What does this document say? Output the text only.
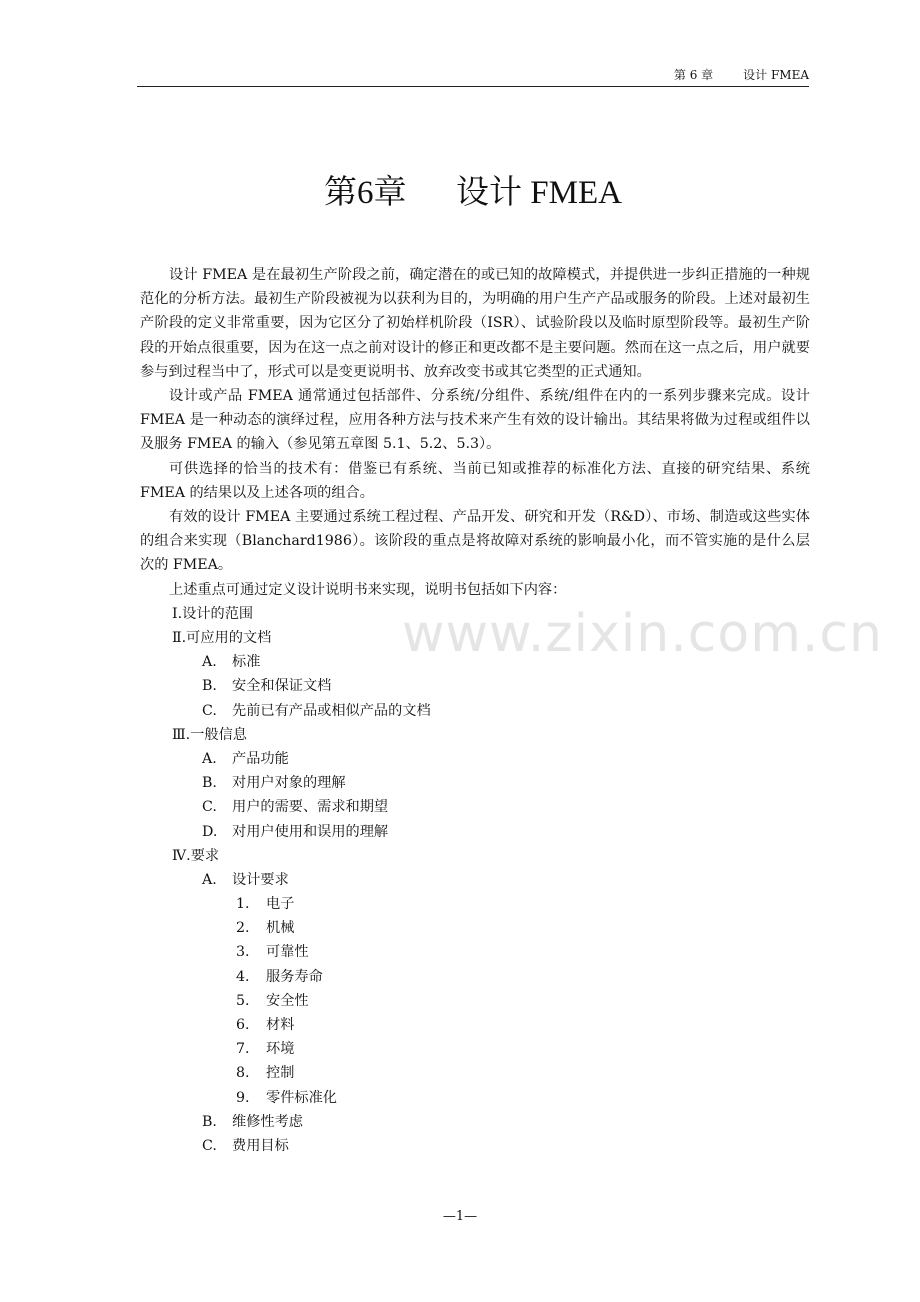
第 6 章	设计 FMEA
第6章      设计 FMEA

设计 FMEA 是在最初生产阶段之前，确定潜在的或已知的故障模式，并提供进一步纠正措施的一种规范化的分析方法。最初生产阶段被视为以获利为目的，为明确的用户生产产品或服务的阶段。上述对最初生产阶段的定义非常重要，因为它区分了初始样机阶段（ISR）、试验阶段以及临时原型阶段等。最初生产阶段的开始点很重要，因为在这一点之前对设计的修正和更改都不是主要问题。然而在这一点之后，用户就要参与到过程当中了，形式可以是变更说明书、放弃改变书或其它类型的正式通知。

设计或产品 FMEA 通常通过包括部件、分系统/分组件、系统/组件在内的一系列步骤来完成。设计 FMEA 是一种动态的演绎过程，应用各种方法与技术来产生有效的设计输出。其结果将做为过程或组件以及服务 FMEA 的输入（参见第五章图 5.1、5.2、5.3）。

可供选择的恰当的技术有：借鉴已有系统、当前已知或推荐的标准化方法、直接的研究结果、系统 FMEA 的结果以及上述各项的组合。

有效的设计 FMEA 主要通过系统工程过程、产品开发、研究和开发（R&D）、市场、制造或这些实体的组合来实现（Blanchard1986）。该阶段的重点是将故障对系统的影响最小化，而不管实施的是什么层次的 FMEA。

上述重点可通过定义设计说明书来实现，说明书包括如下内容：

Ⅰ.设计的范围
Ⅱ.可应用的文档
A. 标准
B. 安全和保证文档
C. 先前已有产品或相似产品的文档
Ⅲ.一般信息
A. 产品功能
B. 对用户对象的理解
C. 用户的需要、需求和期望
D. 对用户使用和误用的理解
Ⅳ.要求
A. 设计要求
1. 电子
2. 机械
3. 可靠性
4. 服务寿命
5. 安全性
6. 材料
7. 环境
8. 控制
9. 零件标准化
B. 维修性考虑
C. 费用目标
www.zixin.com.cn
—1—
